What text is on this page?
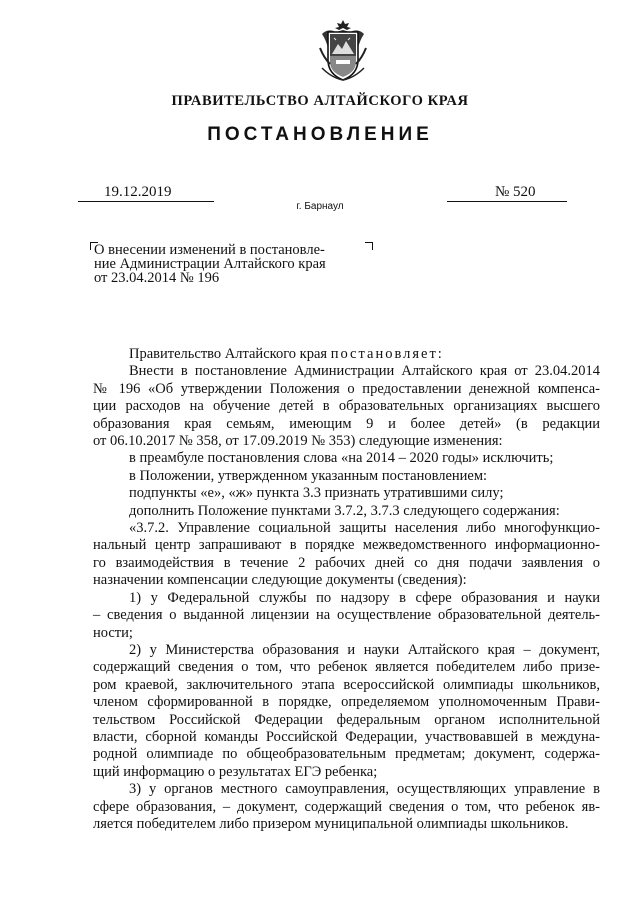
ПРАВИТЕЛЬСТВО АЛТАЙСКОГО КРАЯ
ПОСТАНОВЛЕНИЕ
19.12.2019	№ 520
г. Барнаул
О внесении изменений в постановле-
ние Администрации Алтайского края
от 23.04.2014 № 196
Правительство Алтайского края постановляет:
Внести в постановление Администрации Алтайского края от 23.04.2014
№ 196 «Об утверждении Положения о предоставлении денежной компенса-
ции расходов на обучение детей в образовательных организациях высшего
образования края семьям, имеющим 9 и более детей» (в редакции
от 06.10.2017 № 358, от 17.09.2019 № 353) следующие изменения:
в преамбуле постановления слова «на 2014 – 2020 годы» исключить;
в Положении, утвержденном указанным постановлением:
подпункты «е», «ж» пункта 3.3 признать утратившими силу;
дополнить Положение пунктами 3.7.2, 3.7.3 следующего содержания:
«3.7.2. Управление социальной защиты населения либо многофункцио-
нальный центр запрашивают в порядке межведомственного информационно-
го взаимодействия в течение 2 рабочих дней со дня подачи заявления о
назначении компенсации следующие документы (сведения):
1) у Федеральной службы по надзору в сфере образования и науки
– сведения о выданной лицензии на осуществление образовательной деятель-
ности;
2) у Министерства образования и науки Алтайского края – документ,
содержащий сведения о том, что ребенок является победителем либо призе-
ром краевой, заключительного этапа всероссийской олимпиады школьников,
членом сформированной в порядке, определяемом уполномоченным Прави-
тельством Российской Федерации федеральным органом исполнительной
власти, сборной команды Российской Федерации, участвовавшей в междуна-
родной олимпиаде по общеобразовательным предметам; документ, содержа-
щий информацию о результатах ЕГЭ ребенка;
3) у органов местного самоуправления, осуществляющих управление в
сфере образования, – документ, содержащий сведения о том, что ребенок яв-
ляется победителем либо призером муниципальной олимпиады школьников.
